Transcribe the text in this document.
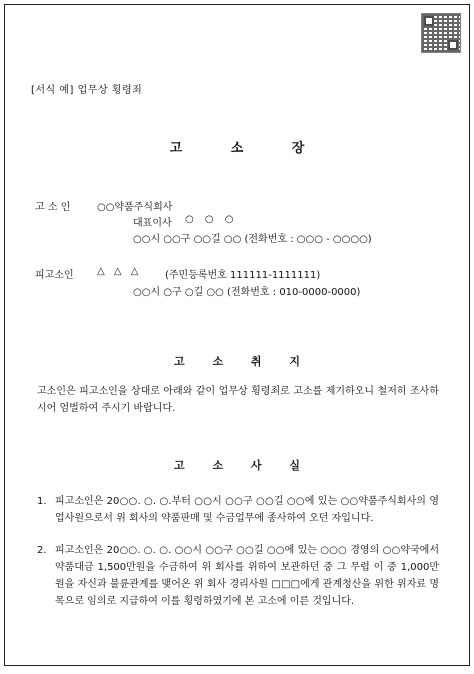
[서식 예] 업무상 횡령죄
고 소 장
고 소 인	○○약품주식회사
대표이사 ○ ○ ○
○○시 ○○구 ○○길 ○○ (전화번호 : ○○○ - ○○○○)
피고소인 △ △ △ (주민등록번호 111111-1111111)
○○시 ○구 ○길 ○○ (전화번호 : 010-0000-0000)
고 소 취 지
고소인은 피고소인을 상대로 아래와 같이 업무상 횡령죄로 고소를 제기하오니 철저히 조사하시어 엄벌하여 주시기 바랍니다.
고 소 사 실
1. 피고소인은 20○○. ○. ○.부터 ○○시 ○○구 ○○길 ○○에 있는 ○○약품주식회사의 영업사원으로서 위 회사의 약품판매 및 수금업무에 종사하여 오던 자입니다.
2. 피고소인은 20○○. ○. ○. ○○시 ○○구 ○○길 ○○에 있는 ○○○ 경영의 ○○약국에서 약품대금 1,500만원을 수금하여 위 회사를 위하여 보관하던 중 그 무렵 이 중 1,000만원을 자신과 불륜관계를 맺어온 위 회사 경리사원 □□□에게 관계청산을 위한 위자료 명목으로 임의로 지급하여 이를 횡령하였기에 본 고소에 이른 것입니다.
